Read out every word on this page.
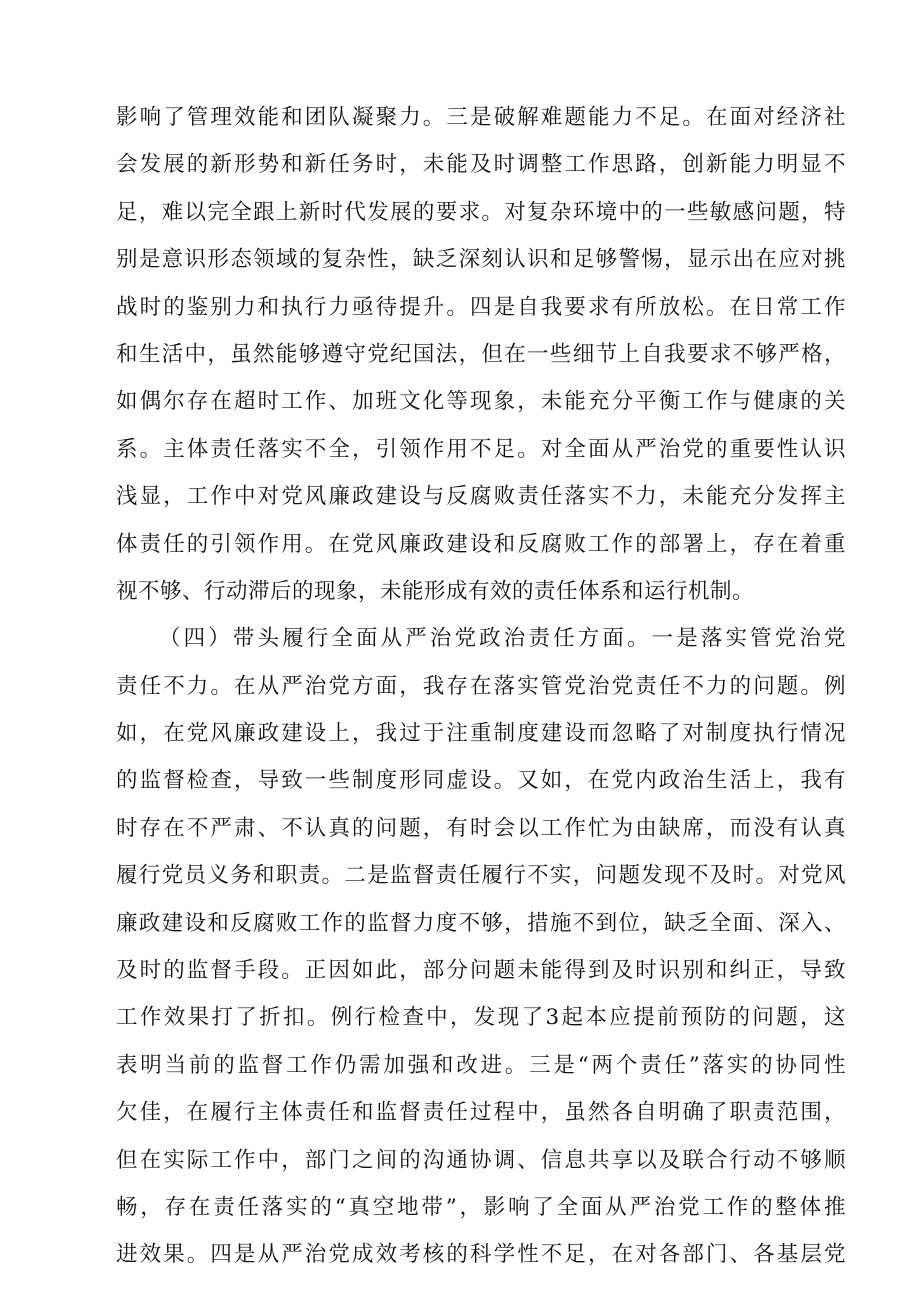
影响了管理效能和团队凝聚力。三是破解难题能力不足。在面对经济社
会发展的新形势和新任务时，未能及时调整工作思路，创新能力明显不
足，难以完全跟上新时代发展的要求。对复杂环境中的一些敏感问题，特
别是意识形态领域的复杂性，缺乏深刻认识和足够警惕，显示出在应对挑
战时的鉴别力和执行力亟待提升。四是自我要求有所放松。在日常工作
和生活中，虽然能够遵守党纪国法，但在一些细节上自我要求不够严格，
如偶尔存在超时工作、加班文化等现象，未能充分平衡工作与健康的关
系。主体责任落实不全，引领作用不足。对全面从严治党的重要性认识
浅显，工作中对党风廉政建设与反腐败责任落实不力，未能充分发挥主
体责任的引领作用。在党风廉政建设和反腐败工作的部署上，存在着重
视不够、行动滞后的现象，未能形成有效的责任体系和运行机制。
（四）带头履行全面从严治党政治责任方面。一是落实管党治党
责任不力。在从严治党方面，我存在落实管党治党责任不力的问题。例
如，在党风廉政建设上，我过于注重制度建设而忽略了对制度执行情况
的监督检查，导致一些制度形同虚设。又如，在党内政治生活上，我有
时存在不严肃、不认真的问题，有时会以工作忙为由缺席，而没有认真
履行党员义务和职责。二是监督责任履行不实，问题发现不及时。对党风
廉政建设和反腐败工作的监督力度不够，措施不到位，缺乏全面、深入、
及时的监督手段。正因如此，部分问题未能得到及时识别和纠正，导致
工作效果打了折扣。例行检查中，发现了3起本应提前预防的问题，这
表明当前的监督工作仍需加强和改进。三是“两个责任”落实的协同性
欠佳，在履行主体责任和监督责任过程中，虽然各自明确了职责范围，
但在实际工作中，部门之间的沟通协调、信息共享以及联合行动不够顺
畅，存在责任落实的“真空地带”，影响了全面从严治党工作的整体推
进效果。四是从严治党成效考核的科学性不足，在对各部门、各基层党
